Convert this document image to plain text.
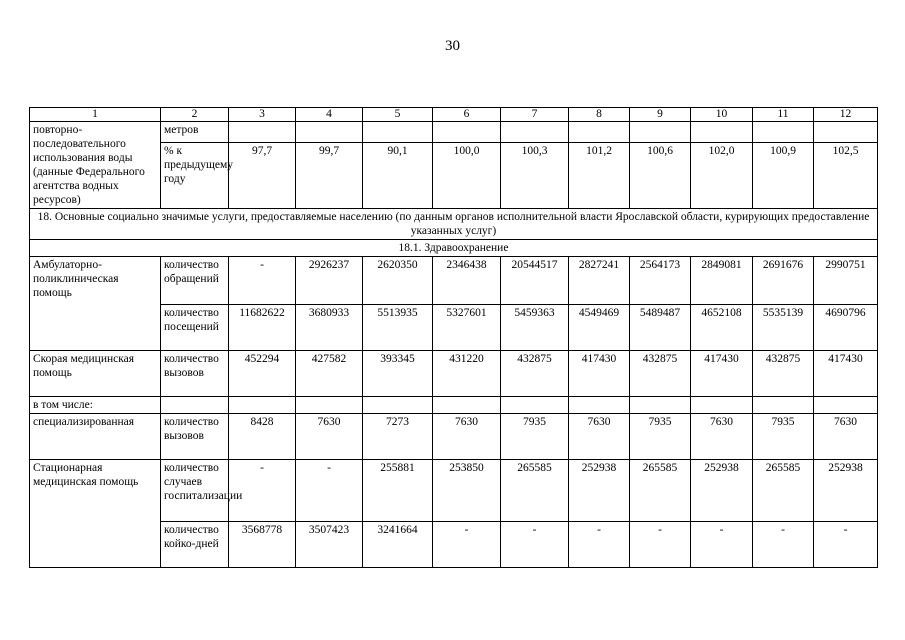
30
1	2	3	4	5	6	7	8	9	10	11	12
повторно-последовательного использования воды (данные Федерального агентства водных ресурсов)	метров										
	% к предыдущему году	97,7	99,7	90,1	100,0	100,3	101,2	100,6	102,0	100,9	102,5
18. Основные социально значимые услуги, предоставляемые населению (по данным органов исполнительной власти Ярославской области, курирующих предоставление указанных услуг)											
18.1. Здравоохранение											
Амбулаторно-поликлиническая помощь	количество обращений	-	2926237	2620350	2346438	20544517	2827241	2564173	2849081	2691676	2990751
	количество посещений	11682622	3680933	5513935	5327601	5459363	4549469	5489487	4652108	5535139	4690796
Скорая медицинская помощь	количество вызовов	452294	427582	393345	431220	432875	417430	432875	417430	432875	417430
в том числе:											
специализированная	количество вызовов	8428	7630	7273	7630	7935	7630	7935	7630	7935	7630
Стационарная медицинская помощь	количество случаев госпитализации	-	-	255881	253850	265585	252938	265585	252938	265585	252938
	количество койко-дней	3568778	3507423	3241664	-	-	-	-	-	-	-
